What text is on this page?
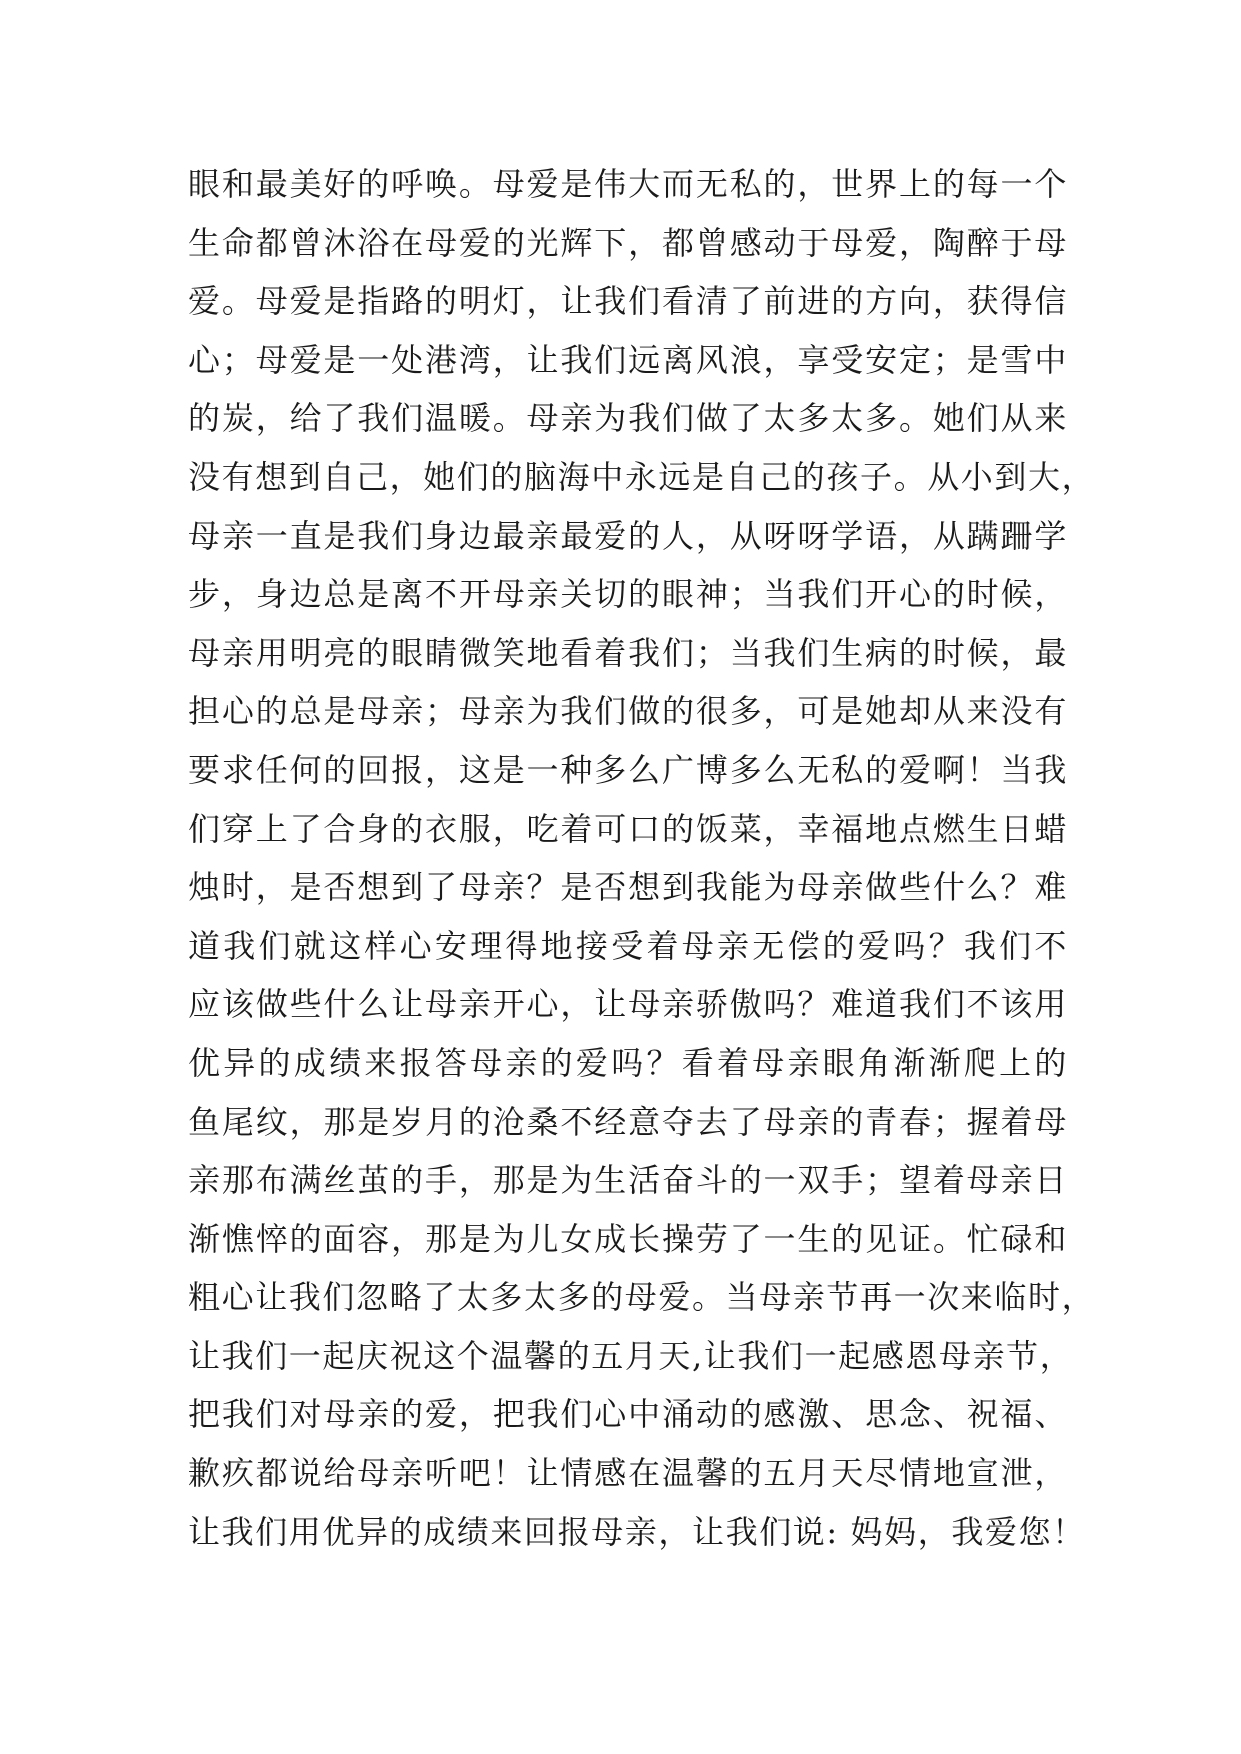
眼和最美好的呼唤。母爱是伟大而无私的，世界上的每一个
生命都曾沐浴在母爱的光辉下，都曾感动于母爱，陶醉于母
爱。母爱是指路的明灯，让我们看清了前进的方向，获得信
心；母爱是一处港湾，让我们远离风浪，享受安定；是雪中
的炭，给了我们温暖。母亲为我们做了太多太多。她们从来
没有想到自己，她们的脑海中永远是自己的孩子。从小到大，
母亲一直是我们身边最亲最爱的人，从呀呀学语，从蹒跚学
步，身边总是离不开母亲关切的眼神；当我们开心的时候，
母亲用明亮的眼睛微笑地看着我们；当我们生病的时候，最
担心的总是母亲；母亲为我们做的很多，可是她却从来没有
要求任何的回报，这是一种多么广博多么无私的爱啊！当我
们穿上了合身的衣服，吃着可口的饭菜，幸福地点燃生日蜡
烛时，是否想到了母亲？是否想到我能为母亲做些什么？难
道我们就这样心安理得地接受着母亲无偿的爱吗？我们不
应该做些什么让母亲开心，让母亲骄傲吗？难道我们不该用
优异的成绩来报答母亲的爱吗？看着母亲眼角渐渐爬上的
鱼尾纹，那是岁月的沧桑不经意夺去了母亲的青春；握着母
亲那布满丝茧的手，那是为生活奋斗的一双手；望着母亲日
渐憔悴的面容，那是为儿女成长操劳了一生的见证。忙碌和
粗心让我们忽略了太多太多的母爱。当母亲节再一次来临时，
让我们一起庆祝这个温馨的五月天,让我们一起感恩母亲节，
把我们对母亲的爱，把我们心中涌动的感激、思念、祝福、
歉疚都说给母亲听吧！让情感在温馨的五月天尽情地宣泄，
让我们用优异的成绩来回报母亲，让我们说: 妈妈，我爱您！
